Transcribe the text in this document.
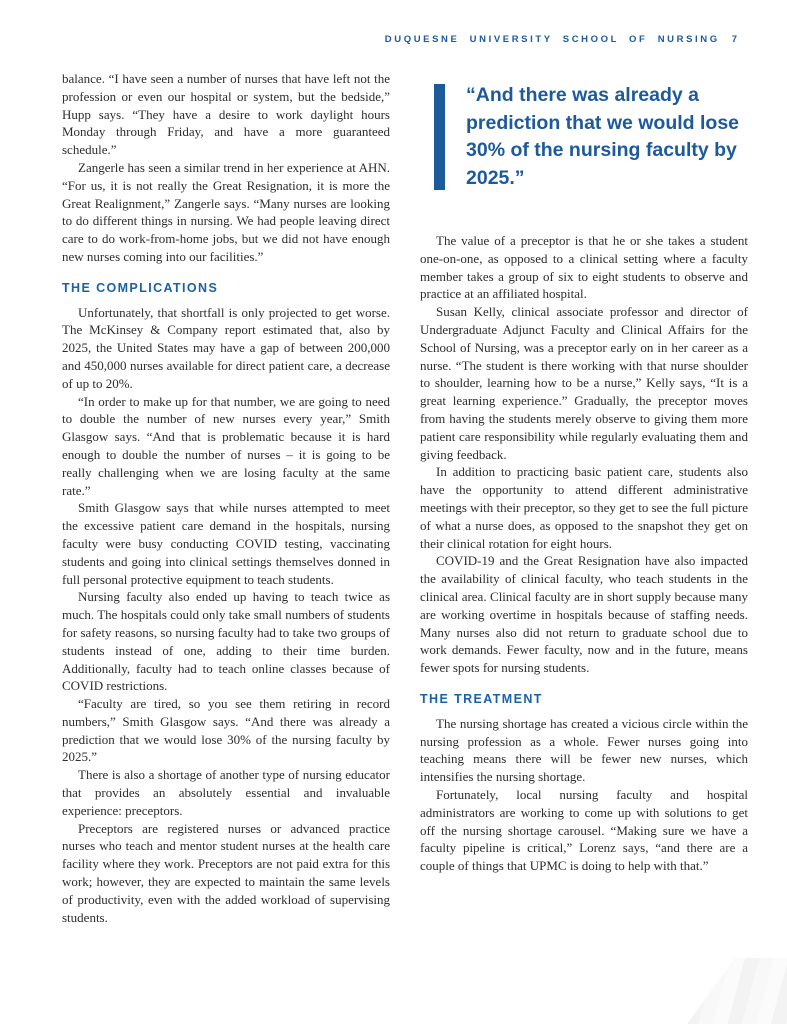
DUQUESNE UNIVERSITY SCHOOL OF NURSING 7

balance. “I have seen a number of nurses that have left not the profession or even our hospital or system, but the bedside,” Hupp says. “They have a desire to work daylight hours Monday through Friday, and have a more guaranteed schedule.”

Zangerle has seen a similar trend in her experience at AHN. “For us, it is not really the Great Resignation, it is more the Great Realignment,” Zangerle says. “Many nurses are looking to do different things in nursing. We had people leaving direct care to do work-from-home jobs, but we did not have enough new nurses coming into our facilities.”

THE COMPLICATIONS

Unfortunately, that shortfall is only projected to get worse. The McKinsey & Company report estimated that, also by 2025, the United States may have a gap of between 200,000 and 450,000 nurses available for direct patient care, a decrease of up to 20%.

“In order to make up for that number, we are going to need to double the number of new nurses every year,” Smith Glasgow says. “And that is problematic because it is hard enough to double the number of nurses – it is going to be really challenging when we are losing faculty at the same rate.”

Smith Glasgow says that while nurses attempted to meet the excessive patient care demand in the hospitals, nursing faculty were busy conducting COVID testing, vaccinating students and going into clinical settings themselves donned in full personal protective equipment to teach students.

Nursing faculty also ended up having to teach twice as much. The hospitals could only take small numbers of students for safety reasons, so nursing faculty had to take two groups of students instead of one, adding to their time burden. Additionally, faculty had to teach online classes because of COVID restrictions.

“Faculty are tired, so you see them retiring in record numbers,” Smith Glasgow says. “And there was already a prediction that we would lose 30% of the nursing faculty by 2025.”

There is also a shortage of another type of nursing educator that provides an absolutely essential and invaluable experience: preceptors.

Preceptors are registered nurses or advanced practice nurses who teach and mentor student nurses at the health care facility where they work. Preceptors are not paid extra for this work; however, they are expected to maintain the same levels of productivity, even with the added workload of supervising students.

“And there was already a prediction that we would lose 30% of the nursing faculty by 2025.”

The value of a preceptor is that he or she takes a student one-on-one, as opposed to a clinical setting where a faculty member takes a group of six to eight students to observe and practice at an affiliated hospital.

Susan Kelly, clinical associate professor and director of Undergraduate Adjunct Faculty and Clinical Affairs for the School of Nursing, was a preceptor early on in her career as a nurse. “The student is there working with that nurse shoulder to shoulder, learning how to be a nurse,” Kelly says, “It is a great learning experience.” Gradually, the preceptor moves from having the students merely observe to giving them more patient care responsibility while regularly evaluating them and giving feedback.

In addition to practicing basic patient care, students also have the opportunity to attend different administrative meetings with their preceptor, so they get to see the full picture of what a nurse does, as opposed to the snapshot they get on their clinical rotation for eight hours.

COVID-19 and the Great Resignation have also impacted the availability of clinical faculty, who teach students in the clinical area. Clinical faculty are in short supply because many are working overtime in hospitals because of staffing needs. Many nurses also did not return to graduate school due to work demands. Fewer faculty, now and in the future, means fewer spots for nursing students.

THE TREATMENT

The nursing shortage has created a vicious circle within the nursing profession as a whole. Fewer nurses going into teaching means there will be fewer new nurses, which intensifies the nursing shortage.

Fortunately, local nursing faculty and hospital administrators are working to come up with solutions to get off the nursing shortage carousel. “Making sure we have a faculty pipeline is critical,” Lorenz says, “and there are a couple of things that UPMC is doing to help with that.”
